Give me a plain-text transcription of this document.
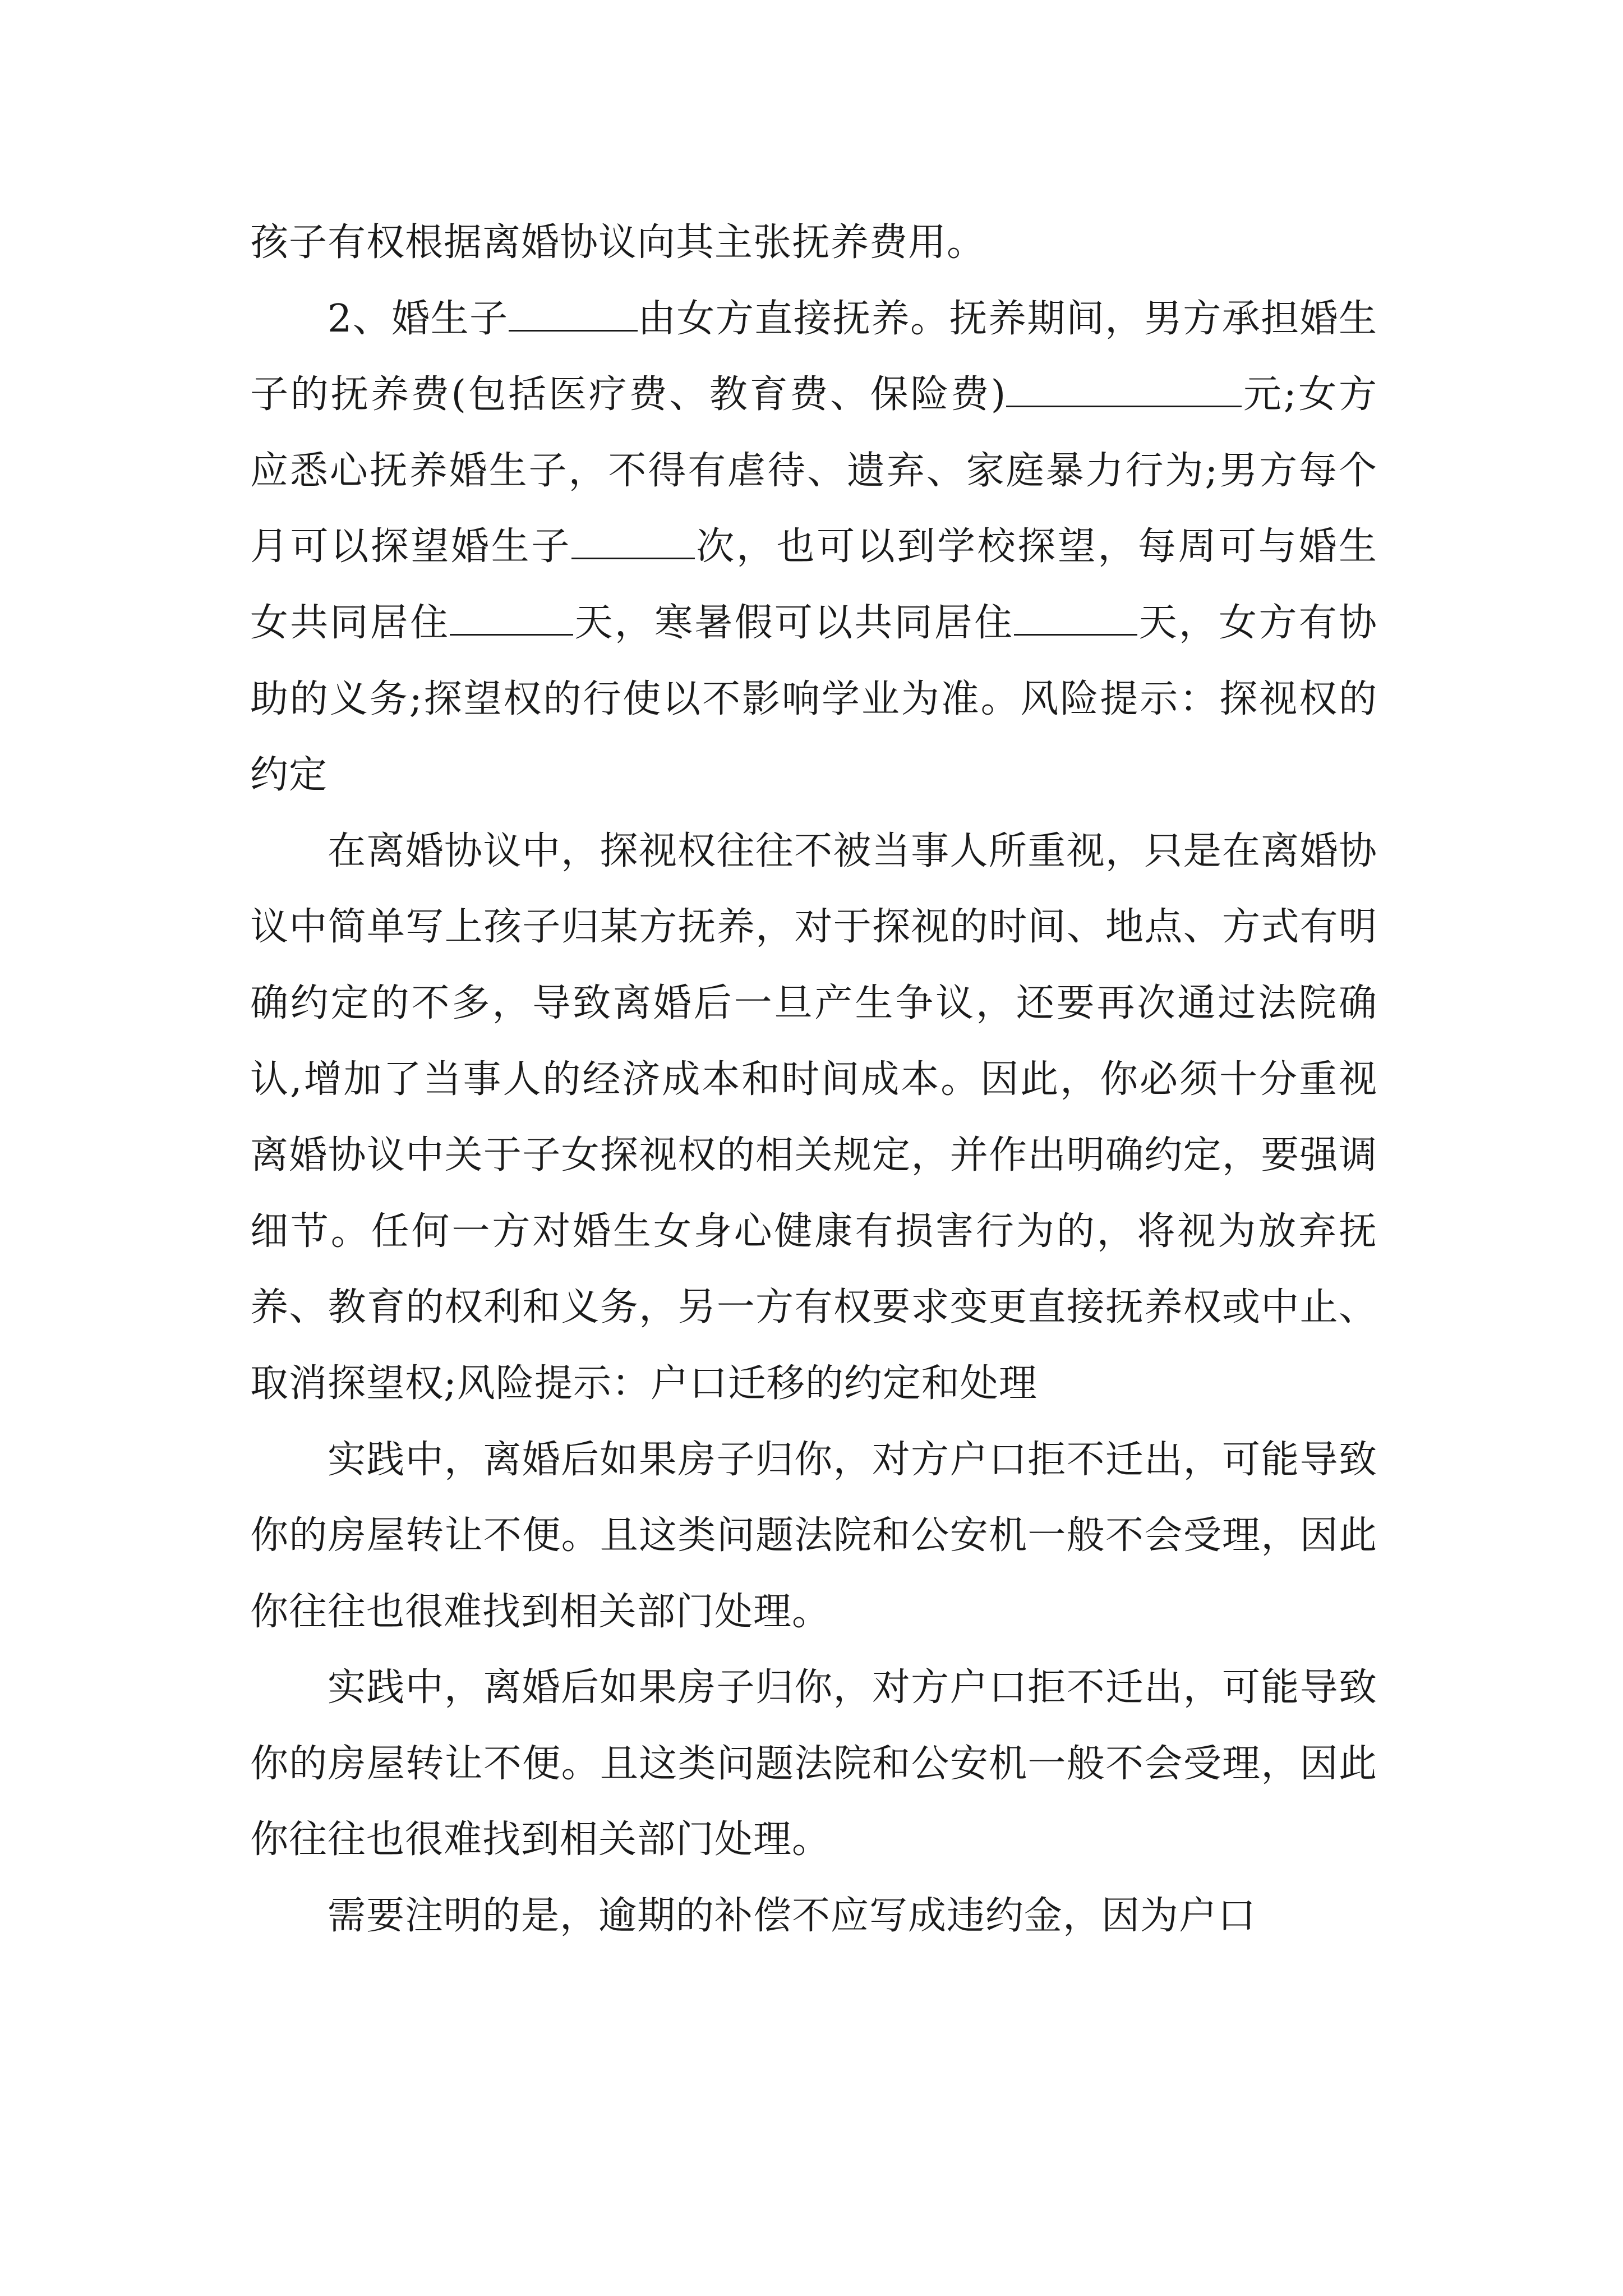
孩子有权根据离婚协议向其主张抚养费用。

2、婚生子	由女方直接抚养。抚养期间，男方承担婚生子的抚养费(包括医疗费、教育费、保险费)	元;女方应悉心抚养婚生子，不得有虐待、遗弃、家庭暴力行为;男方每个月可以探望婚生子	次，也可以到学校探望，每周可与婚生女共同居住	天，寒暑假可以共同居住	天，女方有协助的义务;探望权的行使以不影响学业为准。风险提示：探视权的约定

在离婚协议中，探视权往往不被当事人所重视，只是在离婚协议中简单写上孩子归某方抚养，对于探视的时间、地点、方式有明确约定的不多，导致离婚后一旦产生争议，还要再次通过法院确认,增加了当事人的经济成本和时间成本。因此，你必须十分重视离婚协议中关于子女探视权的相关规定，并作出明确约定，要强调细节。任何一方对婚生女身心健康有损害行为的，将视为放弃抚养、教育的权利和义务，另一方有权要求变更直接抚养权或中止、取消探望权;风险提示：户口迁移的约定和处理

实践中，离婚后如果房子归你，对方户口拒不迁出，可能导致你的房屋转让不便。且这类问题法院和公安机一般不会受理，因此你往往也很难找到相关部门处理。

实践中，离婚后如果房子归你，对方户口拒不迁出，可能导致你的房屋转让不便。且这类问题法院和公安机一般不会受理，因此你往往也很难找到相关部门处理。

需要注明的是，逾期的补偿不应写成违约金，因为户口
